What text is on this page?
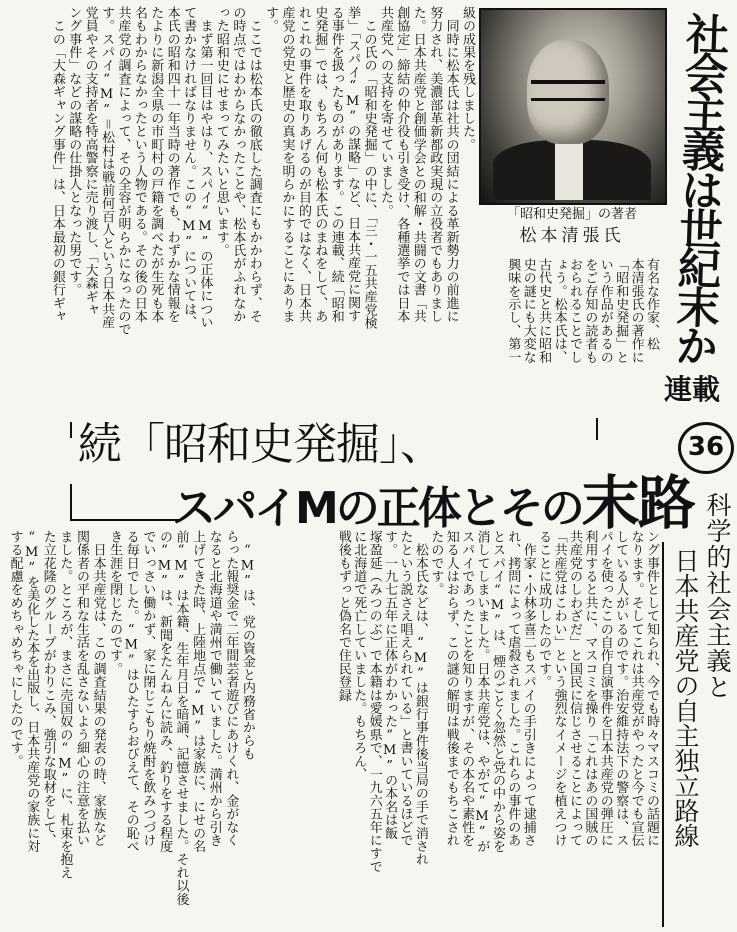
社会主義は世紀末か
連載
36
「昭和史発掘」の著者
松本清張氏
有名な作家、松
本清張氏の著作に
「昭和史発掘」と
いう作品があるの
をご存知の読者も
おられることでし
ょう。松本氏は、
古代史と共に昭和
史の謎にも大変な
興味を示し、第一
級の成果を残しました。
　同時に松本氏は社共の団結による革新勢力の前進に
努力され、美濃部革新都政実現の立役者でもありまし
た。日本共産党と創価学会との和解・共闘の文書「共
創協定」締結の仲介役も引き受け、各種選挙では日本
共産党への支持を寄せていました。
　この氏の「昭和史発掘」の中に、「三・一五共産党検
挙」「スパイ“M”の謀略」など、日本共産党に関す
る事件を扱ったものがあります。この連載、続「昭和
史発掘」では、もちろん何も松本氏のまねをして、あ
れこれの事件を取りあげるのが目的ではなく、日本共
産党の党史と歴史の真実を明らかにすることにありま
す。
　ここでは松本氏の徹底した調査にもかかわらず、そ
の時点ではわからなかったことや、松本氏がふれなか
った昭和史にせまってみたいと思います。
　まず第一回目はやはり、スパイ“M”の正体につい
て書かなければなりません。この“M”については、
本氏の昭和四十一年当時の著作でも、わずかな情報を
たよりに新潟全県の市町村の戸籍を調べたが生死も本
名もわからなかったという人物である。その後の日本
共産党の調査によって、その全容が明らかになったので
す。スパイ“M”＝松村は戦前何百人という日本共産
党員やその支持者を特高警察に売り渡し、「大森ギャ
ング事件」などの謀略の仕掛人となった男です。
　この「大森ギャング事件」は、日本最初の銀行ギャ
続「昭和史発掘」、
スパイMの正体とその末路 科学的社会主義と
日本共産党の自主独立路線
ング事件として知られ、今でも時々マスコミの話題に
なります。そしてこれは共産党がやったと今でも宣伝
している人がいるのです。治安維持法下の警察は、ス
パイを使ったこの自作自演事件を日本共産党の弾圧に
利用すると共に、マスコミを操り「これはあの国賊の
共産党のしわざだ」と国民に信じさせることによって
「共産党はこわい」という強烈なイメージを植えつけ
ることに成功したのです。
　作家・小林多喜二もスパイの手引きによって逮捕さ
れ、拷問によって虐殺されました。これらの事件のあ
とスパイ“M”は、煙のごとく忽然と党の中から姿を
消してしまいました。日本共産党は、やがて“M”が
スパイであったことを知りますが、その本名や素性を
知る人はおらず、この謎の解明は戦後までもちこされ
たのです。
　松本氏などは、“M”は銀行事件後当局の手で消され
たという説さえ唱えられている」と書いているほどで
す。一九七五年に正体がわかった“M”の本名は飯
塚盈延（みつのぶ）で本籍は愛媛県で、一九六五年にすで
に北海道で死亡していました。もちろん、
戦後もずっと偽名で住民登録
　“M”は、党の資金と内務省からも
らった報奨金で二年間芸者遊びにあけくれ、金がなく
なると北海道や満州で働いていました。満州から引き
上げてきた時、上陸地点で“M”は家族に、にせの名
前“M”は本籍、生年月日を暗誦、記憶させました。それ以後
の“M”は、新聞をたんねんに読み、釣りをする程度
でいっさい働かず、家に閉じこもり焼酎を飲みつづけ
る毎日でした。“M”はひたすらおびえて、その恥べ
き生涯を閉じたのです。
　日本共産党は、この調査結果の発表の時、家族など
関係者の平和な生活を乱さないよう細心の注意を払い
ました。ところが、まさに売国奴の“M”に、札束を抱え
た立花隆のグループがわりこみ、強引な取材をして、
“M”を美化した本を出版し、日本共産党の家族に対
する配慮をめちゃめちゃにしたのです。
